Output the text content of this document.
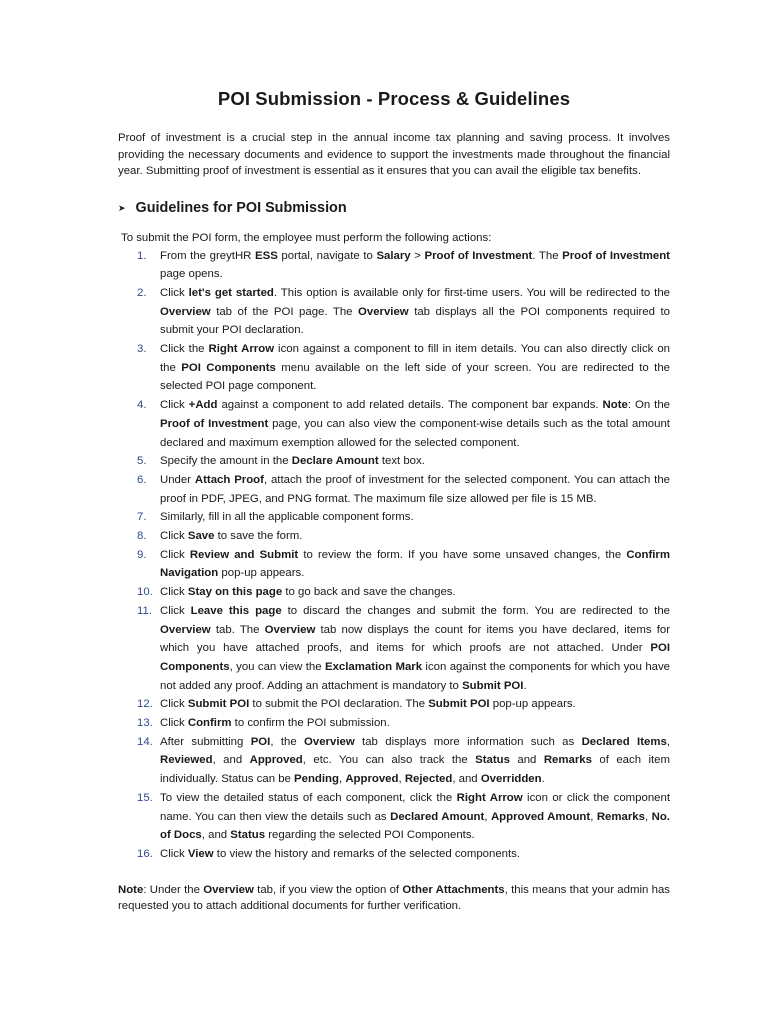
POI Submission - Process & Guidelines

Proof of investment is a crucial step in the annual income tax planning and saving process. It involves providing the necessary documents and evidence to support the investments made throughout the financial year. Submitting proof of investment is essential as it ensures that you can avail the eligible tax benefits.

➤ Guidelines for POI Submission

To submit the POI form, the employee must perform the following actions:

1. From the greytHR ESS portal, navigate to Salary > Proof of Investment. The Proof of Investment page opens.
2. Click let's get started. This option is available only for first-time users. You will be redirected to the Overview tab of the POI page. The Overview tab displays all the POI components required to submit your POI declaration.
3. Click the Right Arrow icon against a component to fill in item details. You can also directly click on the POI Components menu available on the left side of your screen. You are redirected to the selected POI page component.
4. Click +Add against a component to add related details. The component bar expands. Note: On the Proof of Investment page, you can also view the component-wise details such as the total amount declared and maximum exemption allowed for the selected component.
5. Specify the amount in the Declare Amount text box.
6. Under Attach Proof, attach the proof of investment for the selected component. You can attach the proof in PDF, JPEG, and PNG format. The maximum file size allowed per file is 15 MB.
7. Similarly, fill in all the applicable component forms.
8. Click Save to save the form.
9. Click Review and Submit to review the form. If you have some unsaved changes, the Confirm Navigation pop-up appears.
10. Click Stay on this page to go back and save the changes.
11. Click Leave this page to discard the changes and submit the form. You are redirected to the Overview tab. The Overview tab now displays the count for items you have declared, items for which you have attached proofs, and items for which proofs are not attached. Under POI Components, you can view the Exclamation Mark icon against the components for which you have not added any proof. Adding an attachment is mandatory to Submit POI.
12. Click Submit POI to submit the POI declaration. The Submit POI pop-up appears.
13. Click Confirm to confirm the POI submission.
14. After submitting POI, the Overview tab displays more information such as Declared Items, Reviewed, and Approved, etc. You can also track the Status and Remarks of each item individually. Status can be Pending, Approved, Rejected, and Overridden.
15. To view the detailed status of each component, click the Right Arrow icon or click the component name. You can then view the details such as Declared Amount, Approved Amount, Remarks, No. of Docs, and Status regarding the selected POI Components.
16. Click View to view the history and remarks of the selected components.

Note: Under the Overview tab, if you view the option of Other Attachments, this means that your admin has requested you to attach additional documents for further verification.
